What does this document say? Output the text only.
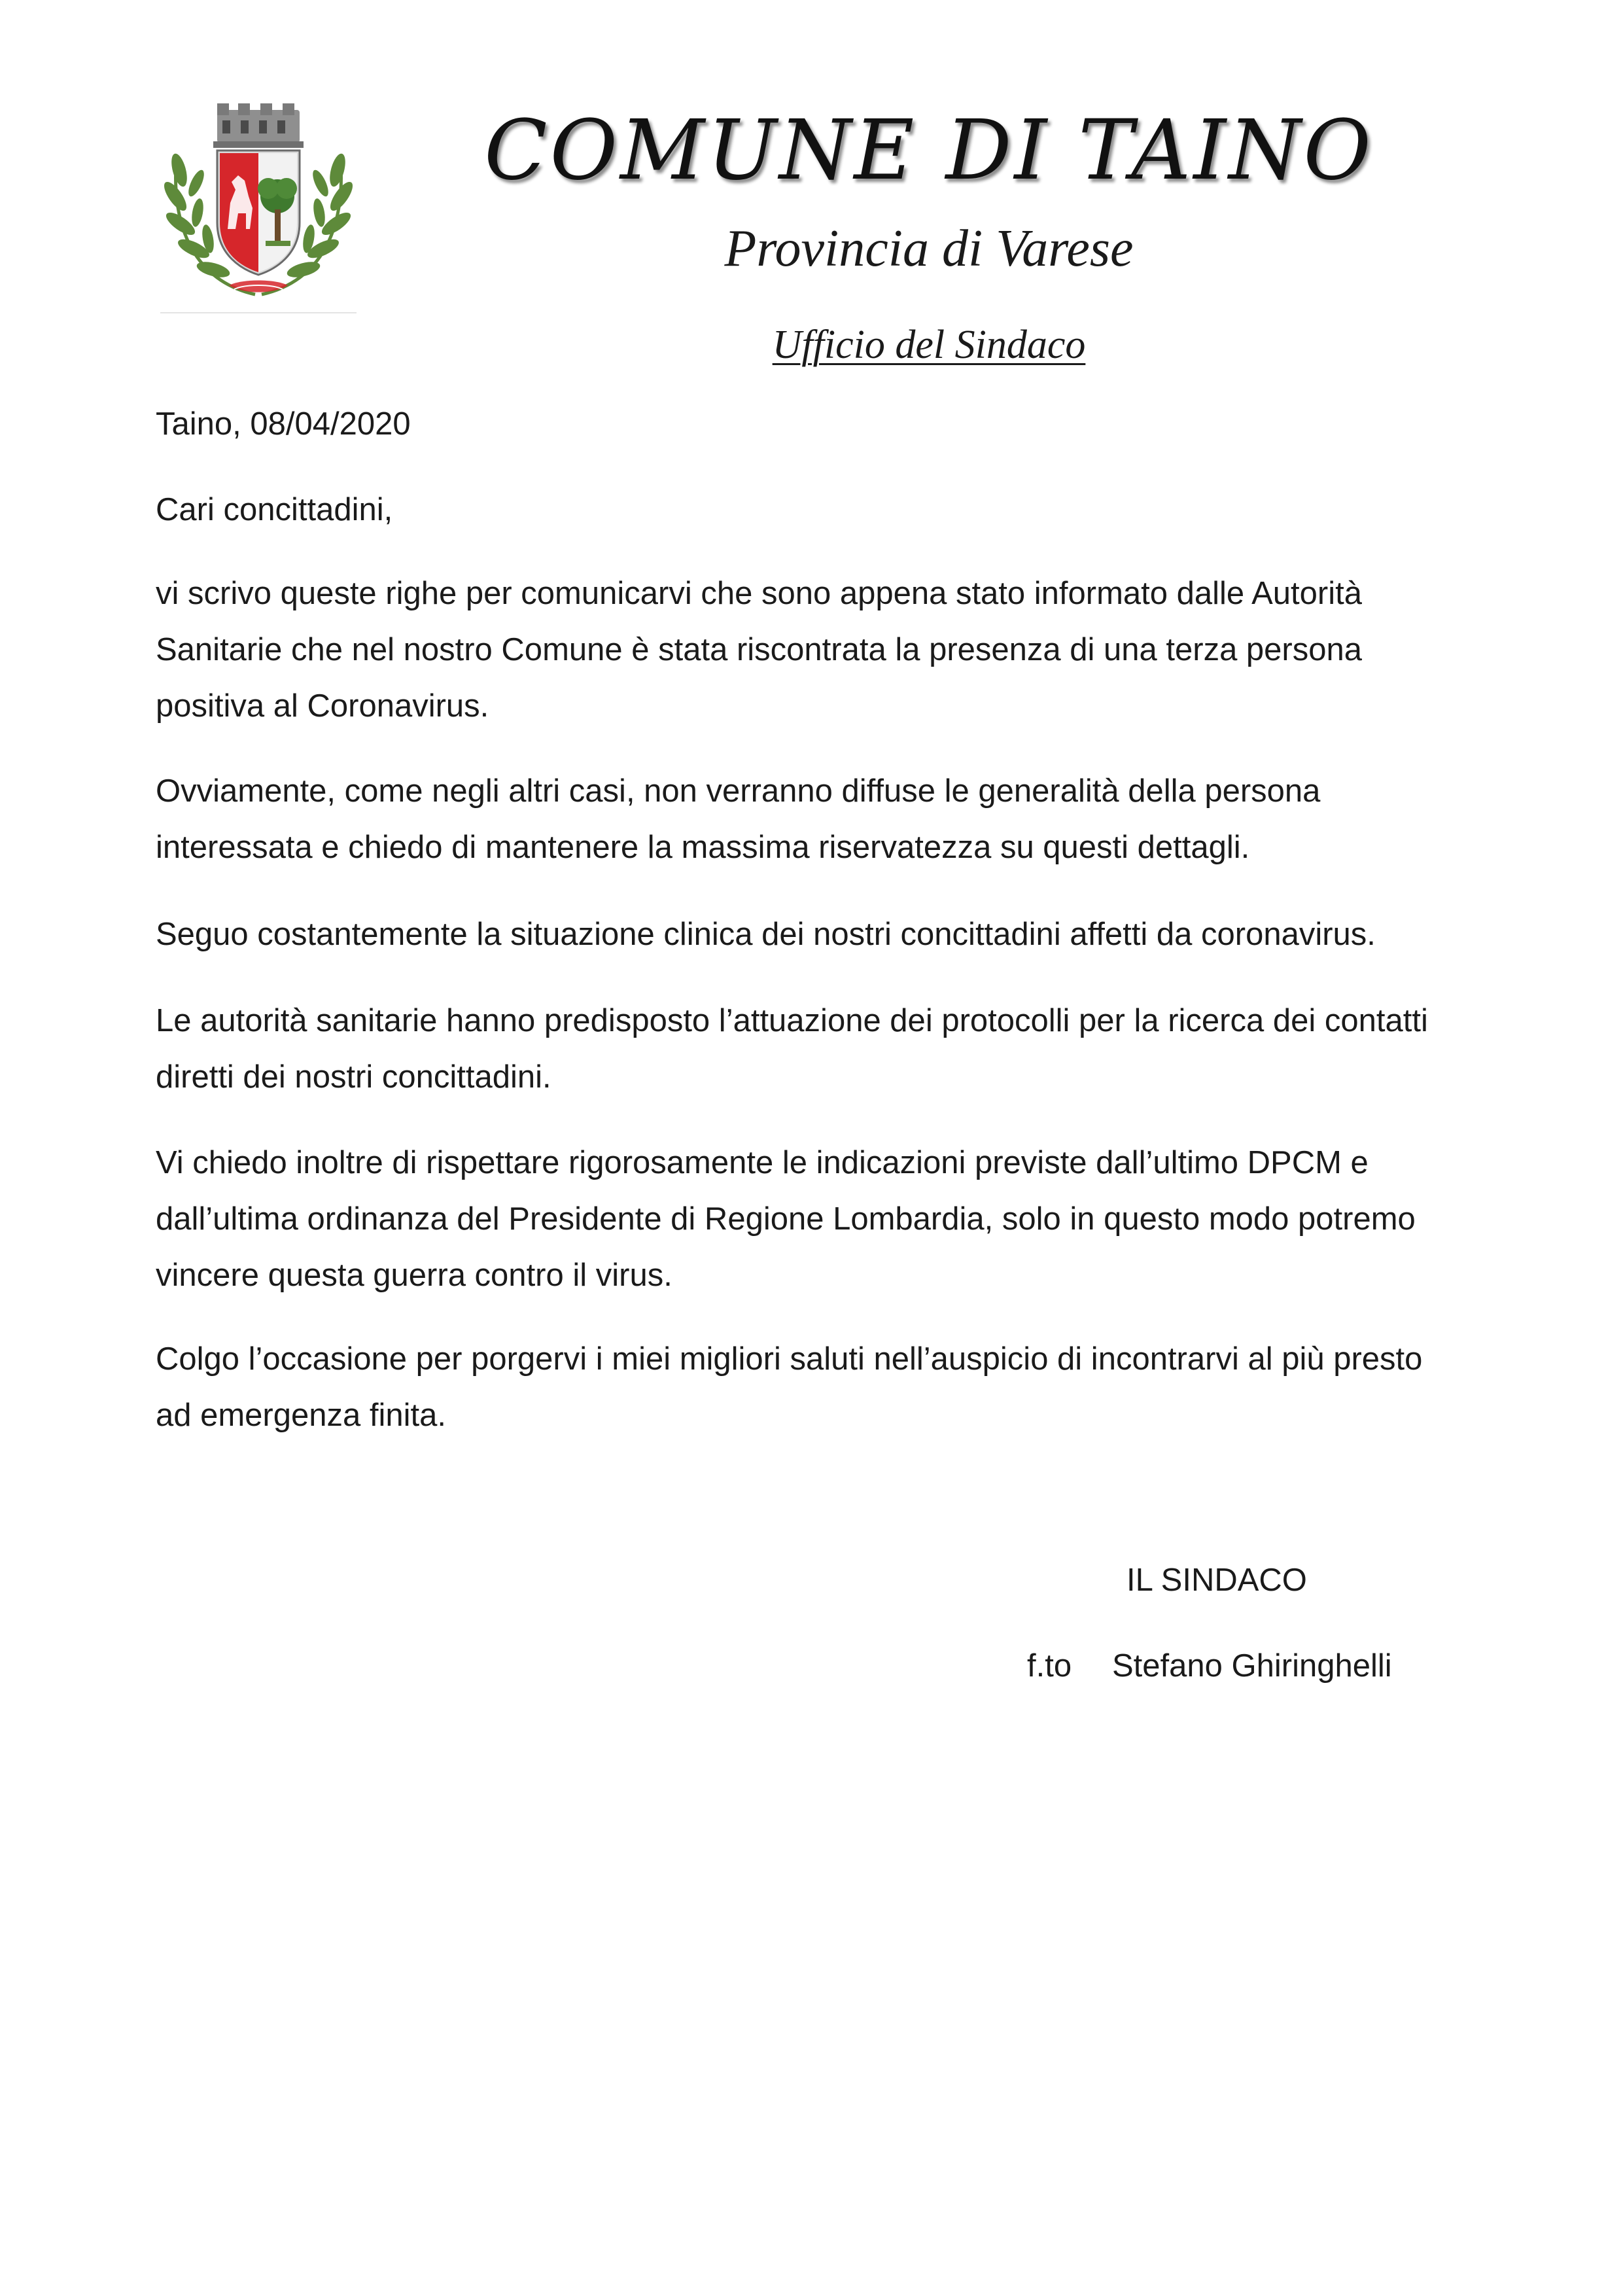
COMUNE DI TAINO
Provincia di Varese
Ufficio del Sindaco
Taino, 08/04/2020
Cari concittadini,
vi scrivo queste righe per comunicarvi che sono appena stato informato dalle Autorità
Sanitarie che nel nostro Comune è stata riscontrata la presenza di una terza persona
positiva al Coronavirus.
Ovviamente, come negli altri casi, non verranno diffuse le generalità della persona
interessata e chiedo di mantenere la massima riservatezza su questi dettagli.
Seguo costantemente la situazione clinica dei nostri concittadini affetti da coronavirus.
Le autorità sanitarie hanno predisposto l’attuazione dei protocolli per la ricerca dei contatti
diretti dei nostri concittadini.
Vi chiedo inoltre di rispettare rigorosamente le indicazioni previste dall’ultimo DPCM e
dall’ultima ordinanza del Presidente di Regione Lombardia, solo in questo modo potremo
vincere questa guerra contro il virus.
Colgo l’occasione per porgervi i miei migliori saluti nell’auspicio di incontrarvi al più presto
ad emergenza finita.
IL SINDACO
f.to Stefano Ghiringhelli
